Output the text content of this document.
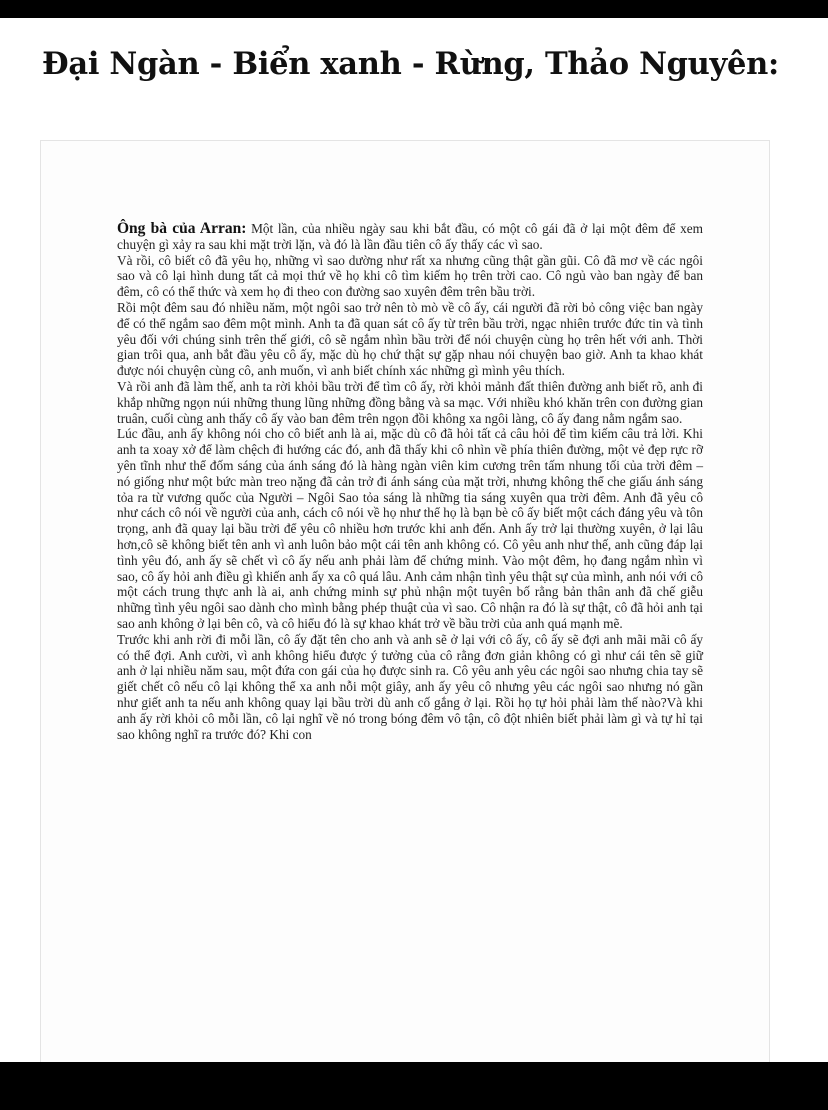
Đại Ngàn - Biển xanh - Rừng, Thảo Nguyên:

Ông bà của Arran: Một lần, của nhiều ngày sau khi bắt đầu, có một cô gái đã ở lại một đêm để xem chuyện gì xảy ra sau khi mặt trời lặn, và đó là lần đầu tiên cô ấy thấy các vì sao.

Và rồi, cô biết cô đã yêu họ, những vì sao dường như rất xa nhưng cũng thật gần gũi. Cô đã mơ về các ngôi sao và cô lại hình dung tất cả mọi thứ về họ khi cô tìm kiếm họ trên trời cao. Cô ngủ vào ban ngày để ban đêm, cô có thể thức và xem họ đi theo con đường sao xuyên đêm trên bầu trời.

Rồi một đêm sau đó nhiều năm, một ngôi sao trở nên tò mò về cô ấy, cái người đã rời bỏ công việc ban ngày để có thể ngắm sao đêm một mình. Anh ta đã quan sát cô ấy từ trên bầu trời, ngạc nhiên trước đức tin và tình yêu đối với chúng sinh trên thế giới, cô sẽ ngắm nhìn bầu trời để nói chuyện cùng họ trên hết với anh. Thời gian trôi qua, anh bắt đầu yêu cô ấy, mặc dù họ chứ thật sự gặp nhau nói chuyện bao giờ. Anh ta khao khát được nói chuyện cùng cô, anh muốn, vì anh biết chính xác những gì mình yêu thích.

Và rồi anh đã làm thế, anh ta rời khỏi bầu trời để tìm cô ấy, rời khỏi mảnh đất thiên đường anh biết rõ, anh đi khắp những ngọn núi những thung lũng những đồng bằng và sa mạc. Với nhiều khó khăn trên con đường gian truân, cuối cùng anh thấy cô ấy vào ban đêm trên ngọn đồi không xa ngôi làng, cô ấy đang nằm ngắm sao.

Lúc đầu, anh ấy không nói cho cô biết anh là ai, mặc dù cô đã hỏi tất cả câu hỏi để tìm kiếm câu trả lời. Khi anh ta xoay xở để làm chệch đi hướng các đó, anh đã thấy khi cô nhìn về phía thiên đường, một vẻ đẹp rực rỡ yên tĩnh như thể đốm sáng của ánh sáng đó là hàng ngàn viên kim cương trên tấm nhung tối của trời đêm – nó giống như một bức màn treo nặng đã cản trở đi ánh sáng của mặt trời, nhưng không thể che giấu ánh sáng tỏa ra từ vương quốc của Người – Ngôi Sao tỏa sáng là những tia sáng xuyên qua trời đêm. Anh đã yêu cô như cách cô nói về người của anh, cách cô nói về họ như thể họ là bạn bè cô ấy biết một cách đáng yêu và tôn trọng, anh đã quay lại bầu trời để yêu cô nhiều hơn trước khi anh đến. Anh ấy trở lại thường xuyên, ở lại lâu hơn,cô sẽ không biết tên anh vì anh luôn bảo một cái tên anh không có. Cô yêu anh như thế, anh cũng đáp lại tình yêu đó, anh ấy sẽ chết vì cô ấy nếu anh phải làm để chứng minh. Vào một đêm, họ đang ngắm nhìn vì sao, cô ấy hỏi anh điều gì khiến anh ấy xa cô quá lâu. Anh cảm nhận tình yêu thật sự của mình, anh nói với cô một cách trung thực anh là ai, anh chứng minh sự phủ nhận một tuyên bố rằng bản thân anh đã chế giễu những tình yêu ngôi sao dành cho mình bằng phép thuật của vì sao. Cô nhận ra đó là sự thật, cô đã hỏi anh tại sao anh không ở lại bên cô, và cô hiểu đó là sự khao khát trở về bầu trời của anh quá mạnh mẽ.

Trước khi anh rời đi mỗi lần, cô ấy đặt tên cho anh và anh sẽ ở lại với cô ấy, cô ấy sẽ đợi anh mãi mãi cô ấy có thể đợi. Anh cười, vì anh không hiểu được ý tưởng của cô rằng đơn giản không có gì như cái tên sẽ giữ anh ở lại nhiều năm sau, một đứa con gái của họ được sinh ra. Cô yêu anh yêu các ngôi sao nhưng chia tay sẽ giết chết cô nếu cô lại không thể xa anh nỗi một giây, anh ấy yêu cô nhưng yêu các ngôi sao nhưng nó gần như giết anh ta nếu anh không quay lại bầu trời dù anh cố gắng ở lại. Rồi họ tự hỏi phải làm thế nào?Và khi anh ấy rời khỏi cô mỗi lần, cô lại nghĩ về nó trong bóng đêm vô tận, cô đột nhiên biết phải làm gì và tự hỉ tại sao không nghĩ ra trước đó? Khi con
